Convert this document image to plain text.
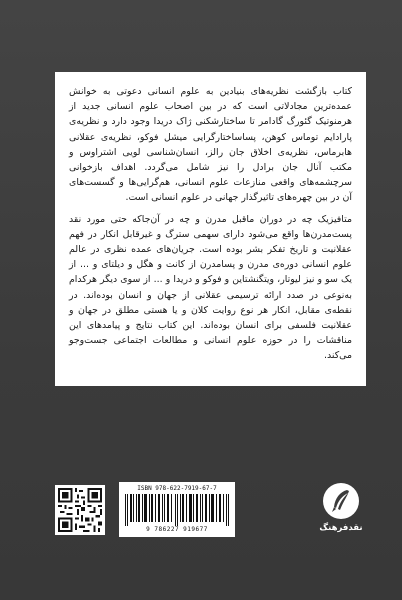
کتاب بازگشت نظریه‌های بنیادین به علوم انسانی دعوتی به خوانش عمده‌ترین مجادلاتی است که در بین اصحاب علوم انسانی جدید از هرمنوتیک گئورگ گادامر تا ساختارشکنی ژاک دریدا وجود دارد و نظریه‌ی پارادایم توماس کوهن، پساساختارگرایی میشل فوکو، نظریه‌ی عقلانی هابرماس، نظریه‌ی اخلاق جان رالز، انسان‌شناسی لویی اشتراوس و مکتب آنال جان برادل را نیز شامل می‌گردد. اهداف بازخوانی سرچشمه‌های واقعی منازعات علوم انسانی، هم‌گرایی‌ها و گسست‌های آن در بین چهره‌های تاثیرگذار جهانی در علوم انسانی است.

متافیزیک چه در دوران ماقبل مدرن و چه در آن‌جاکه حتی مورد نقد پست‌مدرن‌ها واقع می‌شود دارای سهمی سترگ و غیرقابل انکار در فهم عقلانیت و تاریخ تفکر بشر بوده است. جریان‌های عمده نظری در عالم علوم انسانی دوره‌ی مدرن و پسامدرن از کانت و هگل و دیلتای و ... از یک سو و نیز لیوتار، ویتگنشتاین و فوکو و دریدا و ... از سوی دیگر هرکدام به‌نوعی در صدد ارائه ترسیمی عقلانی از جهان و انسان بوده‌اند. در نقطه‌ی مقابل، انکار هر نوع روایت کلان و یا هستی مطلق در جهان و عقلانیت فلسفی برای انسان بوده‌اند. این کتاب نتایج و پیامدهای این مناقشات را در حوزه علوم انسانی و مطالعات اجتماعی جست‌وجو می‌کند.

ISBN 978-622-7919-67-7
9 786227 919677	نقدفرهنگ
